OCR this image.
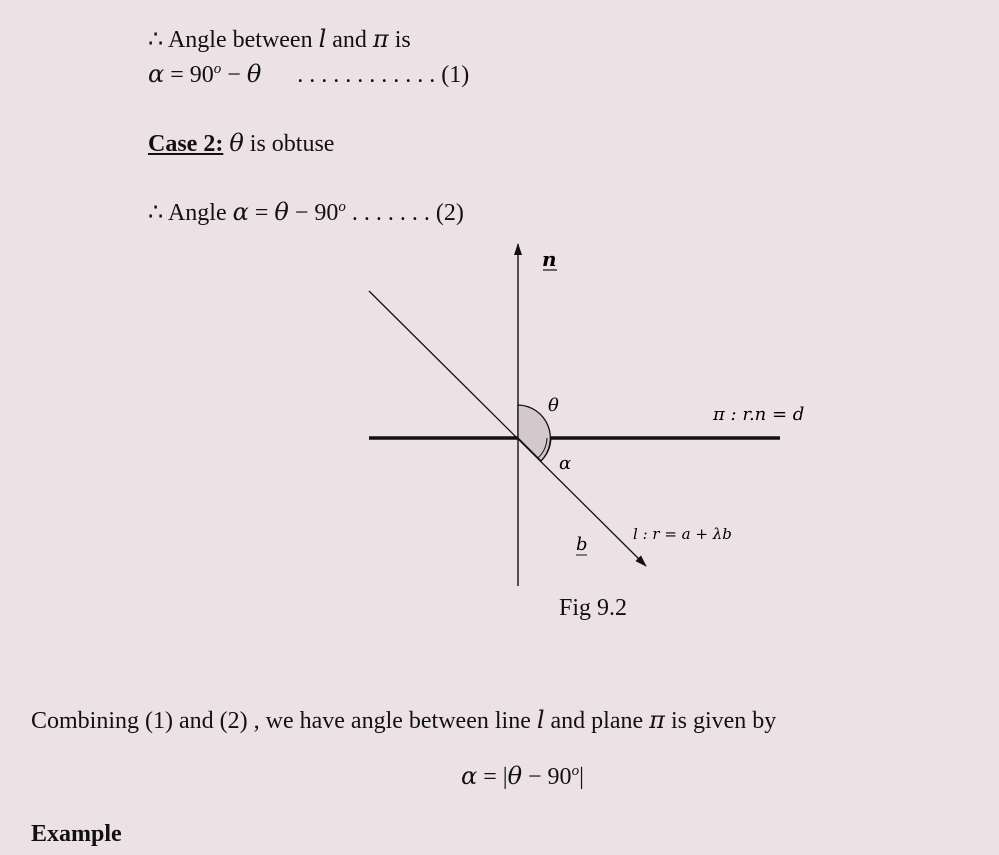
∴ Angle between l and π is
$\alpha = 90^o - \theta$ . . . . . . . . . . . . (1)
Case 2: θ is obtuse
∴ Angle $\alpha = \theta - 90^o$ . . . . . . . (2)
n
θ
α
π : r.n = d
l : r = a + λb
b
Fig 9.2
Combining (1) and (2) , we have angle between line l and plane π is given by
$\alpha = |\theta - 90^o|$
Example
